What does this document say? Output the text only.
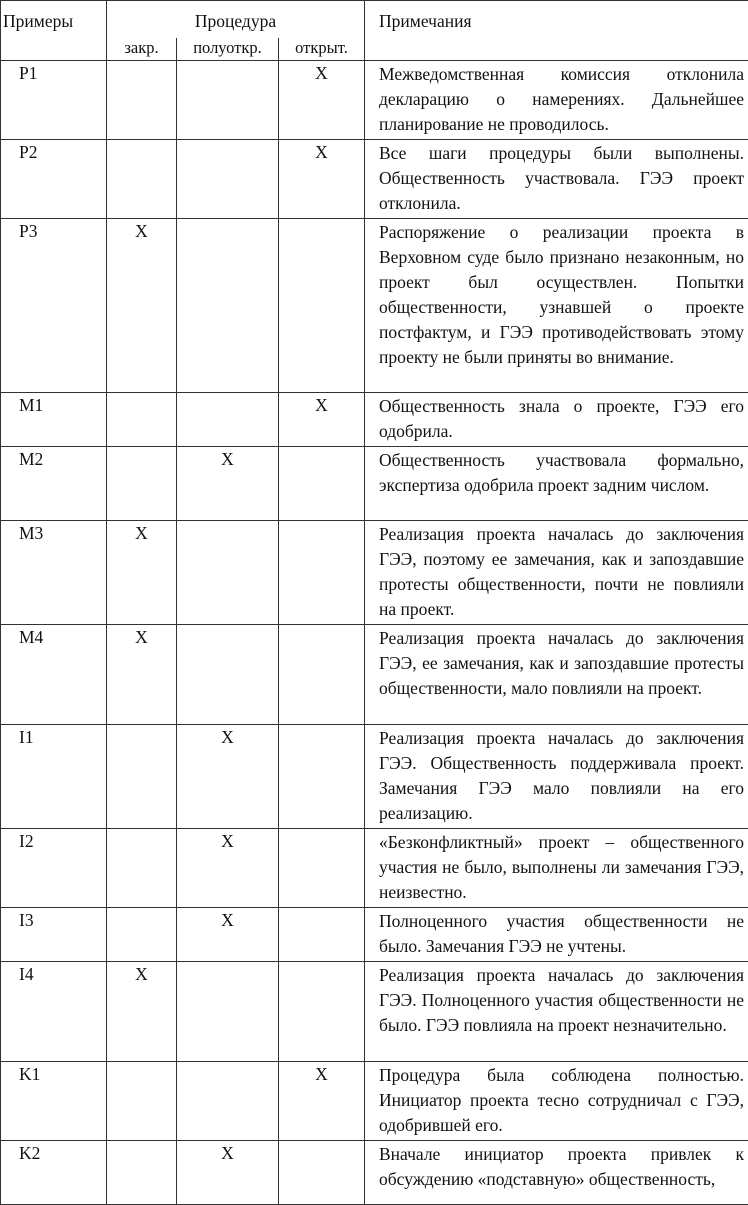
Примеры	Процедура			Примечания
	закр.	полуоткр.	открыт.	
P1			X	Межведомственная комиссия отклонила декларацию о намерениях. Дальнейшее планирование не проводилось.
P2			X	Все шаги процедуры были выполнены. Общественность участвовала. ГЭЭ проект отклонила.
P3	X			Распоряжение о реализации проекта в Верховном суде было признано незаконным, но проект был осуществлен. Попытки общественности, узнавшей о проекте постфактум, и ГЭЭ противодействовать этому проекту не были приняты во внимание.
M1			X	Общественность знала о проекте, ГЭЭ его одобрила.
M2		X		Общественность участвовала формально, экспертиза одобрила проект задним числом.
M3	X			Реализация проекта началась до заключения ГЭЭ, поэтому ее замечания, как и запоздавшие протесты общественности, почти не повлияли на проект.
M4	X			Реализация проекта началась до заключения ГЭЭ, ее замечания, как и запоздавшие протесты общественности, мало повлияли на проект.
I1		X		Реализация проекта началась до заключения ГЭЭ. Общественность поддерживала проект. Замечания ГЭЭ мало повлияли на его реализацию.
I2		X		«Безконфликтный» проект – общественного участия не было, выполнены ли замечания ГЭЭ, неизвестно.
I3		X		Полноценного участия общественности не было. Замечания ГЭЭ не учтены.
I4	X			Реализация проекта началась до заключения ГЭЭ. Полноценного участия общественности не было. ГЭЭ повлияла на проект незначительно.
K1			X	Процедура была соблюдена полностью. Инициатор проекта тесно сотрудничал с ГЭЭ, одобрившей его.
K2		X		Вначале инициатор проекта привлек к обсуждению «подставную» общественность,
